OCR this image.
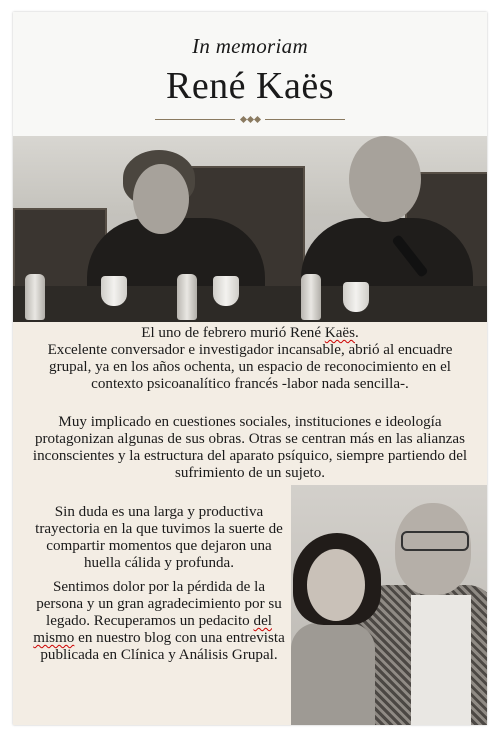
In memoriam
René Kaës
El uno de febrero murió René Kaës.
Excelente conversador e investigador incansable, abrió al encuadre grupal, ya en los años ochenta, un espacio de reconocimiento en el contexto psicoanalítico francés -labor nada sencilla-.
Muy implicado en cuestiones sociales, instituciones e ideología protagonizan algunas de sus obras. Otras se centran más en las alianzas inconscientes y la estructura del aparato psíquico, siempre partiendo del sufrimiento de un sujeto.
Sin duda es una larga y productiva trayectoria en la que tuvimos la suerte de compartir momentos que dejaron una huella cálida y profunda.
Sentimos dolor por la pérdida de la persona y un gran agradecimiento por su legado. Recuperamos un pedacito del mismo en nuestro blog con una entrevista publicada en Clínica y Análisis Grupal.
